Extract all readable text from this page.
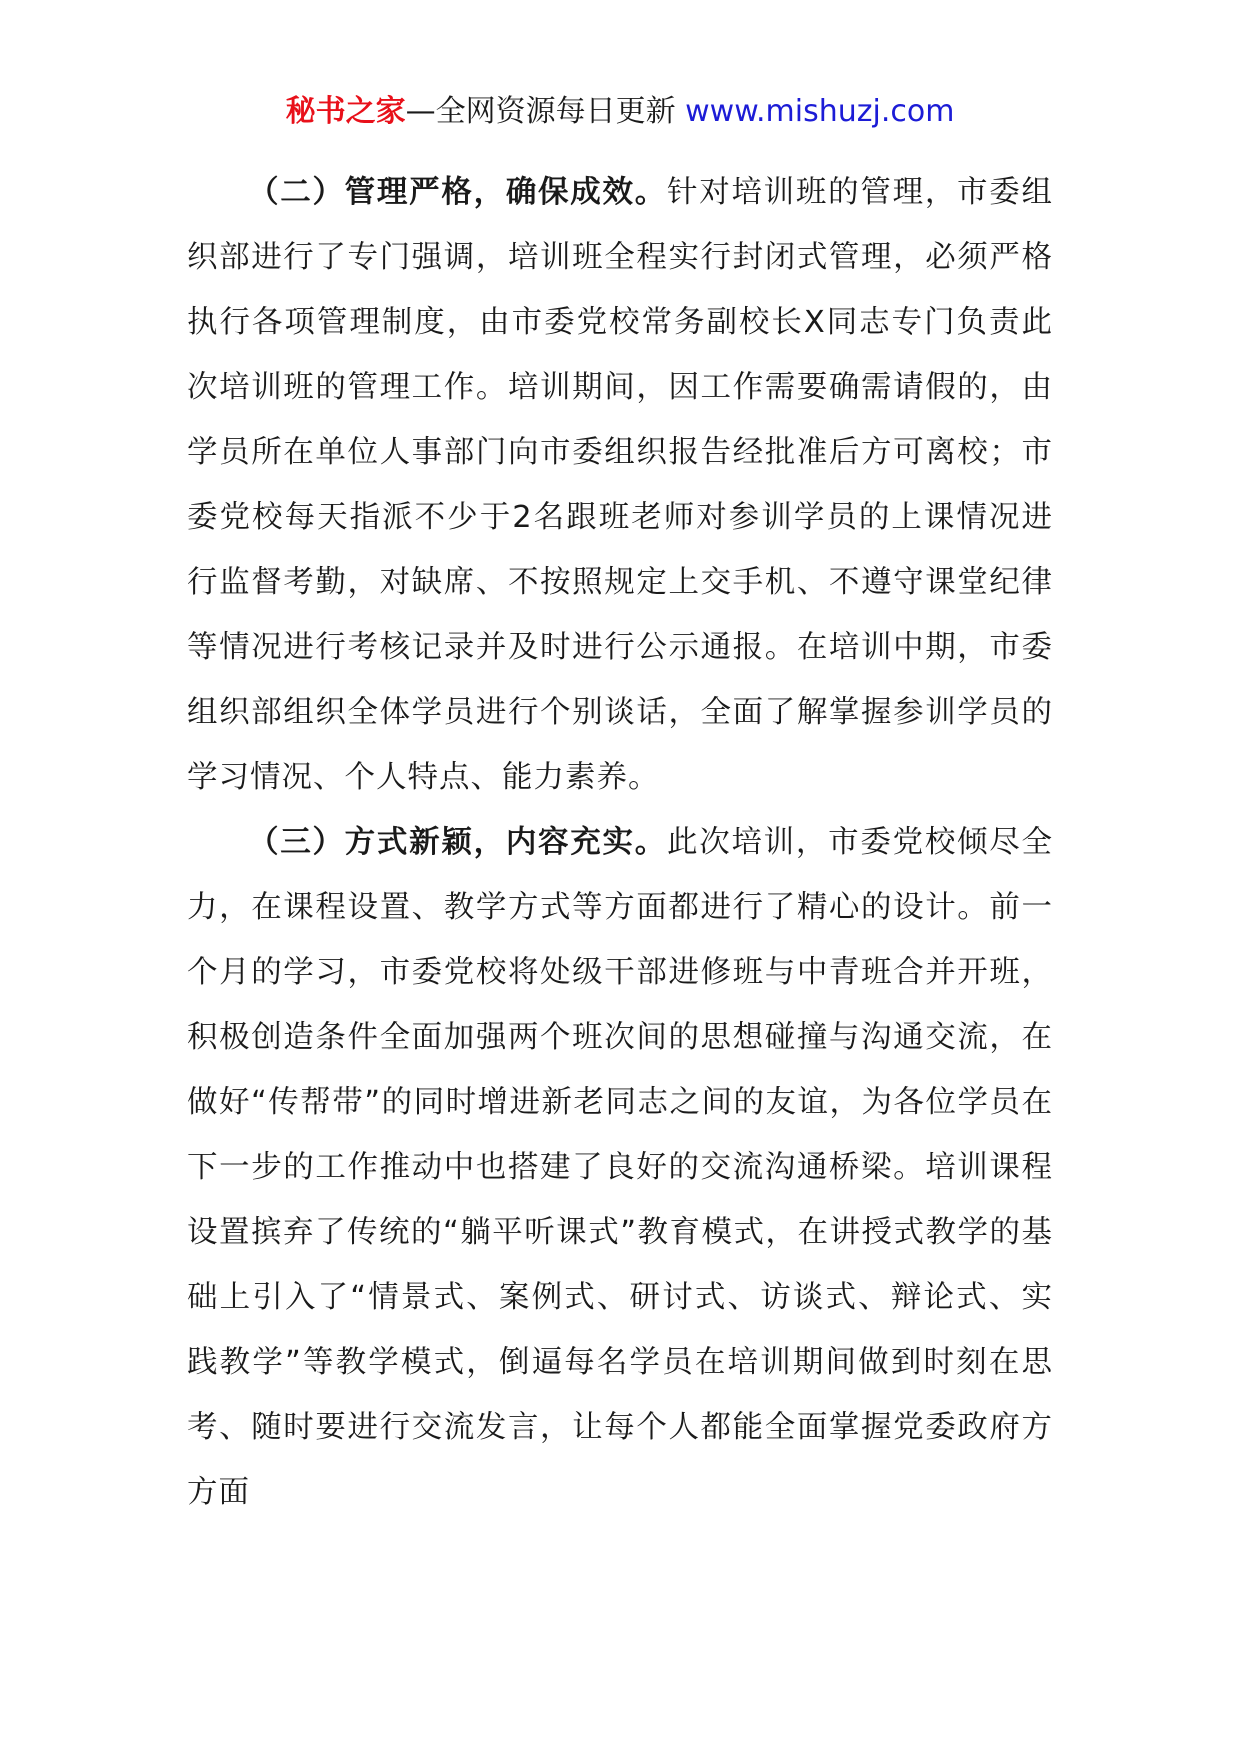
秘书之家—全网资源每日更新 www.mishuzj.com

（二）管理严格，确保成效。针对培训班的管理，市委组织部进行了专门强调，培训班全程实行封闭式管理，必须严格执行各项管理制度，由市委党校常务副校长X同志专门负责此次培训班的管理工作。培训期间，因工作需要确需请假的，由学员所在单位人事部门向市委组织报告经批准后方可离校；市委党校每天指派不少于2名跟班老师对参训学员的上课情况进行监督考勤，对缺席、不按照规定上交手机、不遵守课堂纪律等情况进行考核记录并及时进行公示通报。在培训中期，市委组织部组织全体学员进行个别谈话，全面了解掌握参训学员的学习情况、个人特点、能力素养。

（三）方式新颖，内容充实。此次培训，市委党校倾尽全力，在课程设置、教学方式等方面都进行了精心的设计。前一个月的学习，市委党校将处级干部进修班与中青班合并开班，积极创造条件全面加强两个班次间的思想碰撞与沟通交流，在做好“传帮带”的同时增进新老同志之间的友谊，为各位学员在下一步的工作推动中也搭建了良好的交流沟通桥梁。培训课程设置摈弃了传统的“躺平听课式”教育模式，在讲授式教学的基础上引入了“情景式、案例式、研讨式、访谈式、辩论式、实践教学”等教学模式，倒逼每名学员在培训期间做到时刻在思考、随时要进行交流发言，让每个人都能全面掌握党委政府方方面
